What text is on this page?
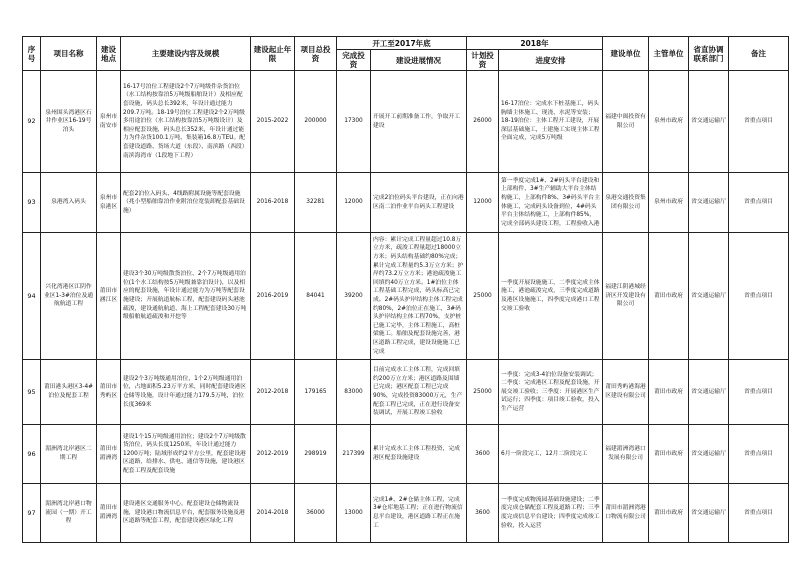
序号	项目名称	建设地点	主要建设内容及规模	建设起止年限	项目总投资	开工至2017年底		2018年		建设单位	主管单位	省直协调联系部门	备注
						完成投资	建设进展情况	计划投资	进度安排				
92	泉州围头湾港区石井作业区16-19号泊头	泉州市南安市	16-17号泊位工程建设2个7万吨级件杂货泊位（水工结构按靠泊5万吨级船舶设计）及相应配套设施，码头总长392米，年设计通过能力209.7万吨。18-19号泊位工程建设2个2万吨级多用途泊位（水工结构按靠泊5万吨级设计）及相应配套设施，码头总长352米，年设计通过能力为件杂货100.1万吨、集装箱16.8万TEU。配套建设道路、货场大道（东段）、南滨路（西段）南滨海湾市（1段地下工程）	2015-2022	200000	17300	开展开工前期准备工作，争取开工建设	26000	16-17泊位：完成水下桩基施工，码头胸墙主体施工、现浇、水泥等安装；18-19泊位：主体工程开工建设，开展深层基础施工，土建施工实现主体工程全面完成，完成5万吨级	福建中闽投资有限公司	泉州市政府	省交通运输厅	省重点项目
93	泉港湾入码头	泉州市泉港区	配套2泊位入码头、4线路附属设施等配套设施（兆小型船舶靠泊作业附泊位宽装卸配套基础设施）	2016-2018	32281	12000	完成2泊位码头平台建设，正在向港区南二泊作业平台码头工程建设	12000	第一季度完成1#、2#码头平台建设和上部构件，3#生产辅助大平台主体结构施工，上部构件8%、3#码头平台主体施工，完成码头设备到位，4#码头平台主体结构施工，上部构件85%，完成全部码头建设工程，工程验收入港	泉港交通投资集团有限公司	泉州市政府	省交通运输厅	省重点项目
94	兴化湾港区江阴作业区1-3#泊位及通航航道工程	莆田市涵江区	建设3个30万吨级散货泊位、2个7万吨级通用泊位(1个水工结构按5万吨级兼靠泊设计)，以及相应的配套设施，年设计通过能力为万吨等配套设施建设；开展航道航标工程，配套建设码头港池疏浚，建设通航航道、海上工程配套建设30万吨级船舶航道疏浚和开挖等	2016-2019	84041	39200	内容：累计完成工程量超过10.8万立方米，疏浚工程量超过18000立方米；码头结构基础约80%完成；累计完成工程量约5.3万立方米；护岸约73.2万立方米；港池疏浚施工回填约40万立方米。1#泊位主体工程基础工程完成，码头标高已完成。2#码头护岸结构主体工程完成约80%，2#泊位正在施工，3#码头护岸结构主体工程70%，支护桩已施工完毕，主体工程施工，高桩梁施工。船舶及配套设施完善，港区道路工程完成，建设设施施工已完成	25000	一季度开展设施施工，二季度完成主体施工，港池疏浚完成，三季度完成道路及港区设施施工，四季度完成港口工程交竣工验收	福建江阴港城经济区开发建设有限公司	莆田市政府	省交通运输厅	省重点项目
95	莆田港头港区3-4#泊位及配套工程	莆田市秀屿区	建设2个3万吨级通用泊位，1个2万吨级通用泊位，占地面积5.23万平方米，同时配套建设港区仓储等设施，设计年通过能力179.5万吨，泊位长度369米	2012-2018	179165	83000	目前完成水工主体工程，完成回填约200万立方米；港区道路及围墙已完成；港区配套工程已完成90%，完成投资83000万元，生产配套工程已完成，正在进行设备安装调试，开展工程竣工验收	25000	一季度：完成3-4泊位设备安装调试；二季度：完成港区工程及配套设施，开展交竣工验收；三季度：开展港区生产试运行；四季度：项目竣工验收，投入生产运营	莆田秀屿港海港区建设有限公司	莆田市政府	省交通运输厅	省重点项目
96	湄洲湾北岸港区二期工程	莆田市湄洲湾	建设1个15万吨级通用泊位；建设2个7万吨级散货泊位，码头长度1250米，年设计通过能力1200万吨；陆域形成约2平方公里，配套建设港区道路，给排水、供电、通信等设施，建设港区配套工程及配套设施	2012-2019	298919	217399	累计完成水工主体工程投资，完成港区配套设施建设	3600	6月一阶段完工，12月二阶段完工	福建湄洲湾港口发展有限公司	莆田市政府	省交通运输厅	省重点项目
97	湄洲湾北岸港口物流园（一期）开工程	莆田市湄洲湾	建设港区交通服务中心，配套建设仓储物流设施，建设港口物流信息平台，配套服务设施及港区道路等配套工程，配套建设港区绿化工程	2014-2018	36000	13000	完成1#、2#仓储主体工程，完成3#仓库地基工程；正在进行物流信息平台建设，港区道路工程正在施工	3600	一季度完成物流园基础设施建设；二季度完成仓储配套工程及道路工程；三季度完成信息平台建设；四季度完成竣工验收，投入运营	莆田市湄洲湾港口物流有限公司	莆田市政府	省交通运输厅	省重点项目
